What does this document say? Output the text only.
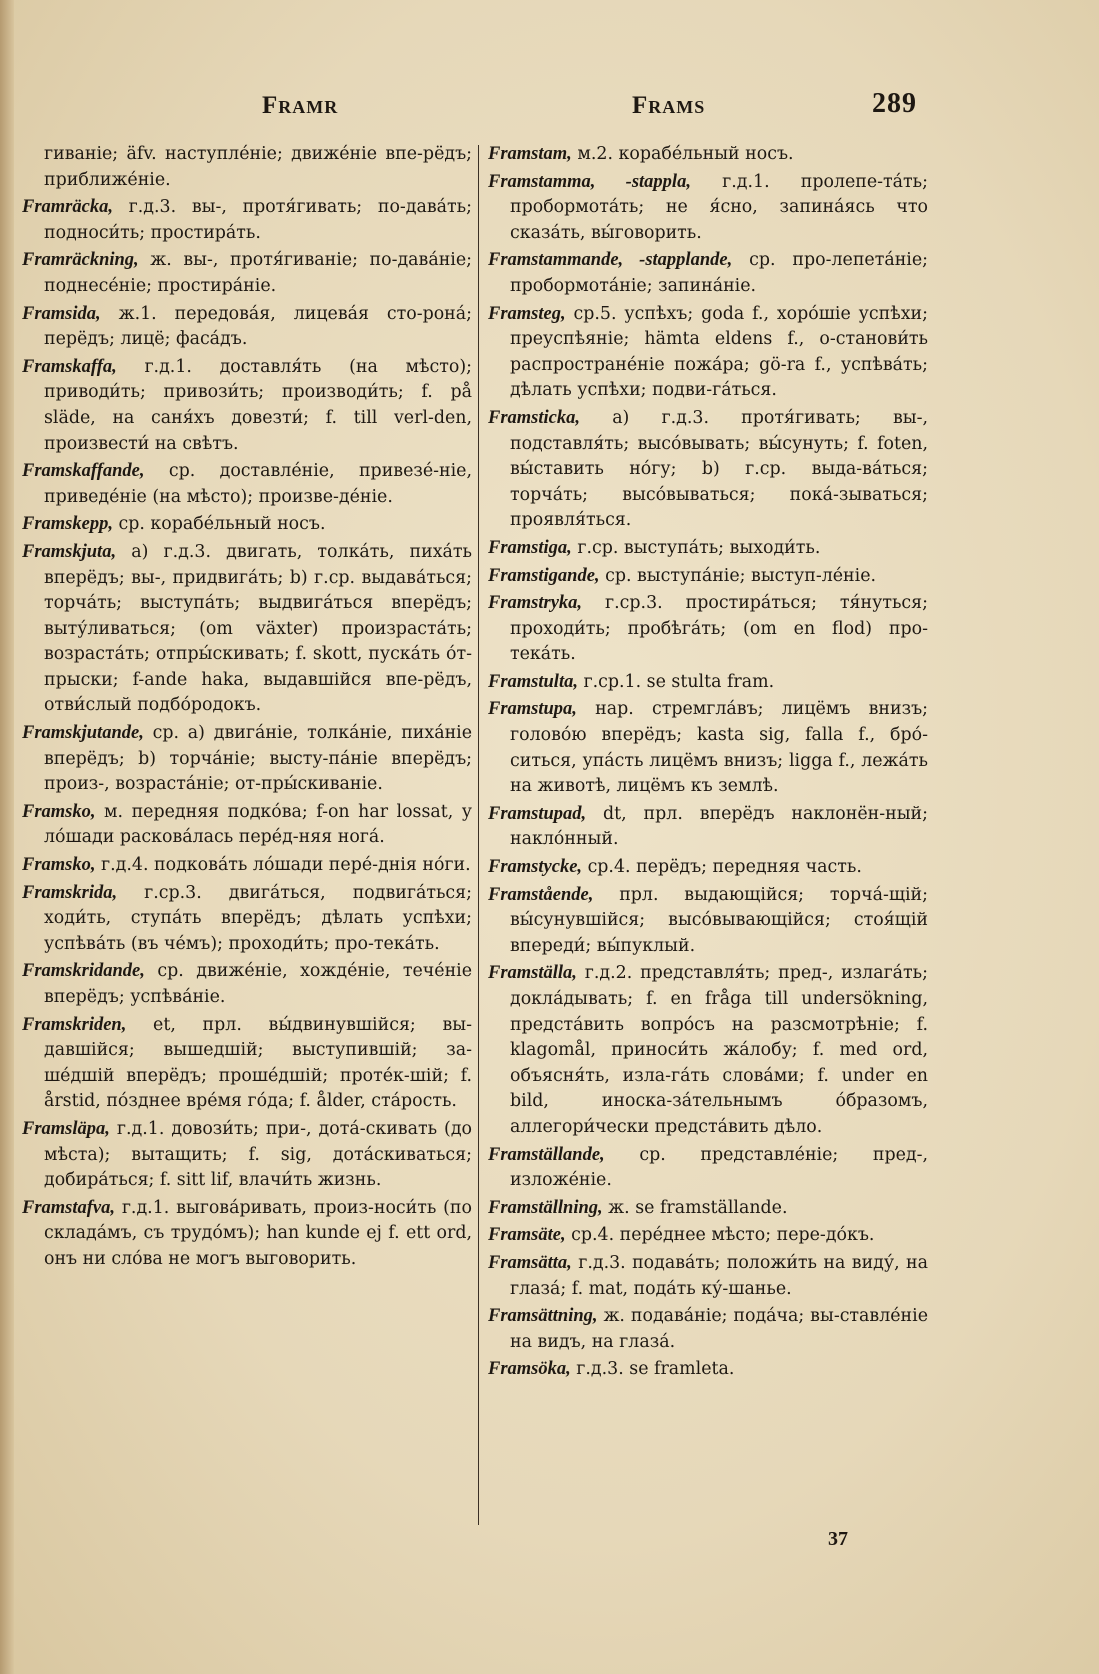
Framr	Frams	289

гиваніе; äfv. наступлéніе; движéніе впе-рёдъ; приближéніе.

Framräcka, г.д.3. вы-, протя́гивать; по-давáть; подноси́ть; простирáть.

Framräckning, ж. вы-, протя́гиваніе; по-давáніе; поднесéніе; простирáніе.

Framsida, ж.1. передовáя, лицевáя сто-ронá; перёдъ; лицё; фасáдъ.

Framskaffa, г.д.1. доставля́ть (на мѣсто); приводи́ть; привози́ть; производи́ть; f. på släde, на саня́хъ довезти́; f. till verl-den, произвести́ на свѣтъ.

Framskaffande, ср. доставлéніе, привезé-ніе, приведéніе (на мѣсто); произве-дéніе.

Framskepp, ср. корабéльный носъ.

Framskjuta, a) г.д.3. двигать, толкáть, пихáть вперёдъ; вы-, придвигáть; b) г.ср. выдавáться; торчáть; выступáть; выдвигáться вперёдъ; выту́ливаться; (om växter) произрастáть; возрастáть; отпры́скивать; f. skott, пускáть óт-прыски; f-ande haka, выдавшійся впе-рёдъ, отви́слый подбóродокъ.

Framskjutande, ср. a) двигáніе, толкáніе, пихáніе вперёдъ; b) торчáніе; высту-пáніе вперёдъ; произ-, возрастáніе; от-пры́скиваніе.

Framsko, м. передняя подкóва; f-on har lossat, у лóшади расковáлась перéд-няя ногá.

Framsko, г.д.4. подковáть лóшади перé-днія нóги.

Framskrida, г.ср.3. двигáться, подвигáться; ходи́ть, ступáть вперёдъ; дѣлать успѣхи; успѣвáть (въ чéмъ); проходи́ть; про-текáть.

Framskridande, ср. движéніе, хождéніе, течéніе вперёдъ; успѣвáніе.

Framskriden, et, прл. вы́двинувшійся; вы-давшійся; вышедшій; выступившій; за-шéдшій вперёдъ; прошéдшій; протéк-шій; f. årstid, пóзднее врéмя гóда; f. ålder, стáрость.

Framsläpa, г.д.1. довози́ть; при-, дотá-скивать (до мѣста); вытащить; f. sig, дотáскиваться; добирáться; f. sitt lif, влачи́ть жизнь.

Framstafva, г.д.1. выговáривать, произ-носи́ть (по складáмъ, съ трудóмъ); han kunde ej f. ett ord, онъ ни слóва не могъ выговорить.

Framstam, м.2. корабéльный носъ.

Framstamma, -stappla, г.д.1. пролепе-тáть; пробормотáть; не я́сно, запинáясь что сказáть, вы́говорить.

Framstammande, -stapplande, ср. про-лепетáніе; пробормотáніе; запинáніе.

Framsteg, ср.5. успѣхъ; goda f., хорóшіе успѣхи; преуспѣяніе; hämta eldens f., о-станови́ть распространéніе пожáра; gö-ra f., успѣвáть; дѣлать успѣхи; подви-гáться.

Framsticka, a) г.д.3. протя́гивать; вы-, подставля́ть; высóвывать; вы́сунуть; f. foten, вы́ставить нóгу; b) г.ср. выда-вáться; торчáть; высóвываться; покá-зываться; проявля́ться.

Framstiga, г.ср. выступáть; выходи́ть.

Framstigande, ср. выступáніе; выступ-лéніе.

Framstryka, г.ср.3. простирáться; тя́нуться; проходи́ть; пробѣгáть; (om en flod) про-текáть.

Framstulta, г.ср.1. se stulta fram.

Framstupa, нар. стремглáвъ; лицёмъ внизъ; головóю вперёдъ; kasta sig, falla f., брó-ситься, упáсть лицёмъ внизъ; ligga f., лежáть на животѣ, лицёмъ къ землѣ.

Framstupad, dt, прл. вперёдъ наклонён-ный; наклóнный.

Framstycke, ср.4. перёдъ; передняя часть.

Framstående, прл. выдающійся; торчá-щій; вы́сунувшійся; высóвывающійся; стоя́щій впереди́; вы́пуклый.

Framställa, г.д.2. представля́ть; пред-, излагáть; доклáдывать; f. en fråga till undersökning, предстáвить вопрóсъ на разсмотрѣніе; f. klagomål, приноси́ть жáлобу; f. med ord, объясня́ть, изла-гáть словáми; f. under en bild, иноска-зáтельнымъ óбразомъ, аллегори́чески предстáвить дѣло.

Framställande, ср. представлéніе; пред-, изложéніе.

Framställning, ж. se framställande.

Framsäte, ср.4. перéднее мѣсто; пере-дóкъ.

Framsätta, г.д.3. подавáть; положи́ть на виду́, на глазá; f. mat, подáть ку́-шанье.

Framsättning, ж. подавáніе; подáча; вы-ставлéніе на видъ, на глазá.

Framsöka, г.д.3. se framleta.

37
